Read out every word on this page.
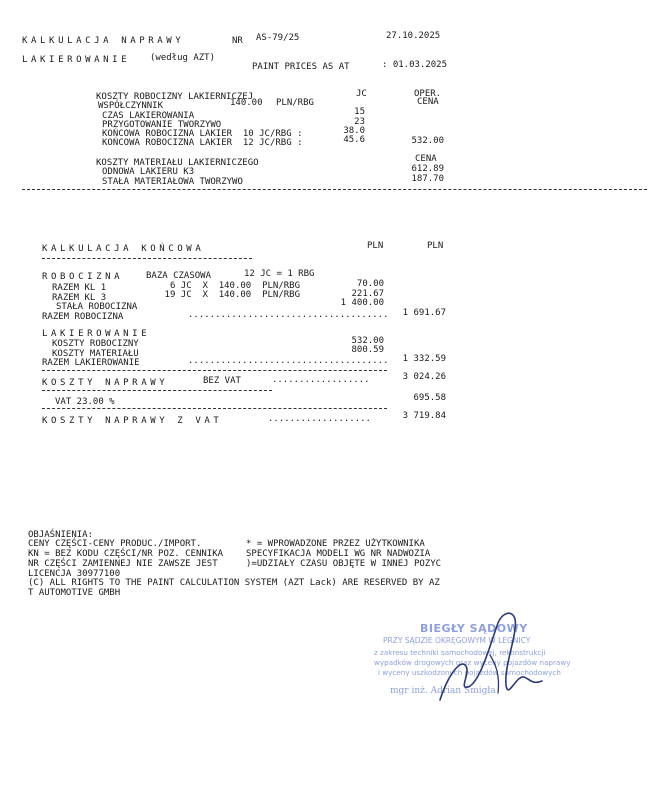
KALKULACJA NAPRAWY	NR AS-79/25	27.10.2025
LAKIEROWANIE (według AZT)
PAINT PRICES AS AT	: 01.03.2025
KOSZTY ROBOCIZNY LAKIERNICZEJ	JC	OPER.
CENA
WSPÓŁCZYNNIK	140.00 PLN/RBG
CZAS LAKIEROWANIA	15
PRZYGOTOWANIE TWORZYWO	23
KOŃCOWA ROBOCIZNA LAKIER  10 JC/RBG :	38.0
KOŃCOWA ROBOCIZNA LAKIER  12 JC/RBG :	45.6	532.00
KOSZTY MATERIAŁU LAKIERNICZEGO	CENA
ODNOWA LAKIERU K3	612.89
STAŁA MATERIAŁOWA TWORZYWO	187.70
KALKULACJA KOŃCOWA	PLN	PLN
ROBOCIZNA	BAZA CZASOWA	12 JC = 1 RBG
RAZEM KL 1	6 JC  X  140.00  PLN/RBG	70.00
RAZEM KL 3	19 JC  X  140.00  PLN/RBG	221.67
STAŁA ROBOCIZNA	1 400.00
RAZEM ROBOCIZNA	.....................................	1 691.67
LAKIEROWANIE
KOSZTY ROBOCIZNY	532.00
KOSZTY MATERIAŁU	800.59
RAZEM LAKIEROWANIE	.....................................	1 332.59
KOSZTY NAPRAWY	BEZ VAT	..................	3 024.26
VAT 23.00 %	695.58
KOSZTY NAPRAWY Z VAT	...................	3 719.84
OBJAŚNIENIA:
CENY CZĘŚCI-CENY PRODUC./IMPORT.
KN = BEZ KODU CZĘŚCI/NR POZ. CENNIKA
NR CZĘŚCI ZAMIENNEJ NIE ZAWSZE JEST
LICENCJA 30977100
* = WPROWADZONE PRZEZ UŻYTKOWNIKA
SPECYFIKACJA MODELI WG NR NADWOZIA
)=UDZIAŁY CZASU OBJĘTE W INNEJ POZYC
(C) ALL RIGHTS TO THE PAINT CALCULATION SYSTEM (AZT Lack) ARE RESERVED BY AZ
T AUTOMOTIVE GMBH
BIEGŁY SĄDOWY
PRZY SĄDZIE OKRĘGOWYM W LEGNICY
z zakresu techniki samochodowej, rekonstrukcji
wypadków drogowych oraz wyceny pojazdów naprawy
i wyceny uszkodzonych pojazdów samochodowych
mgr inż. Adrian Śmigła
